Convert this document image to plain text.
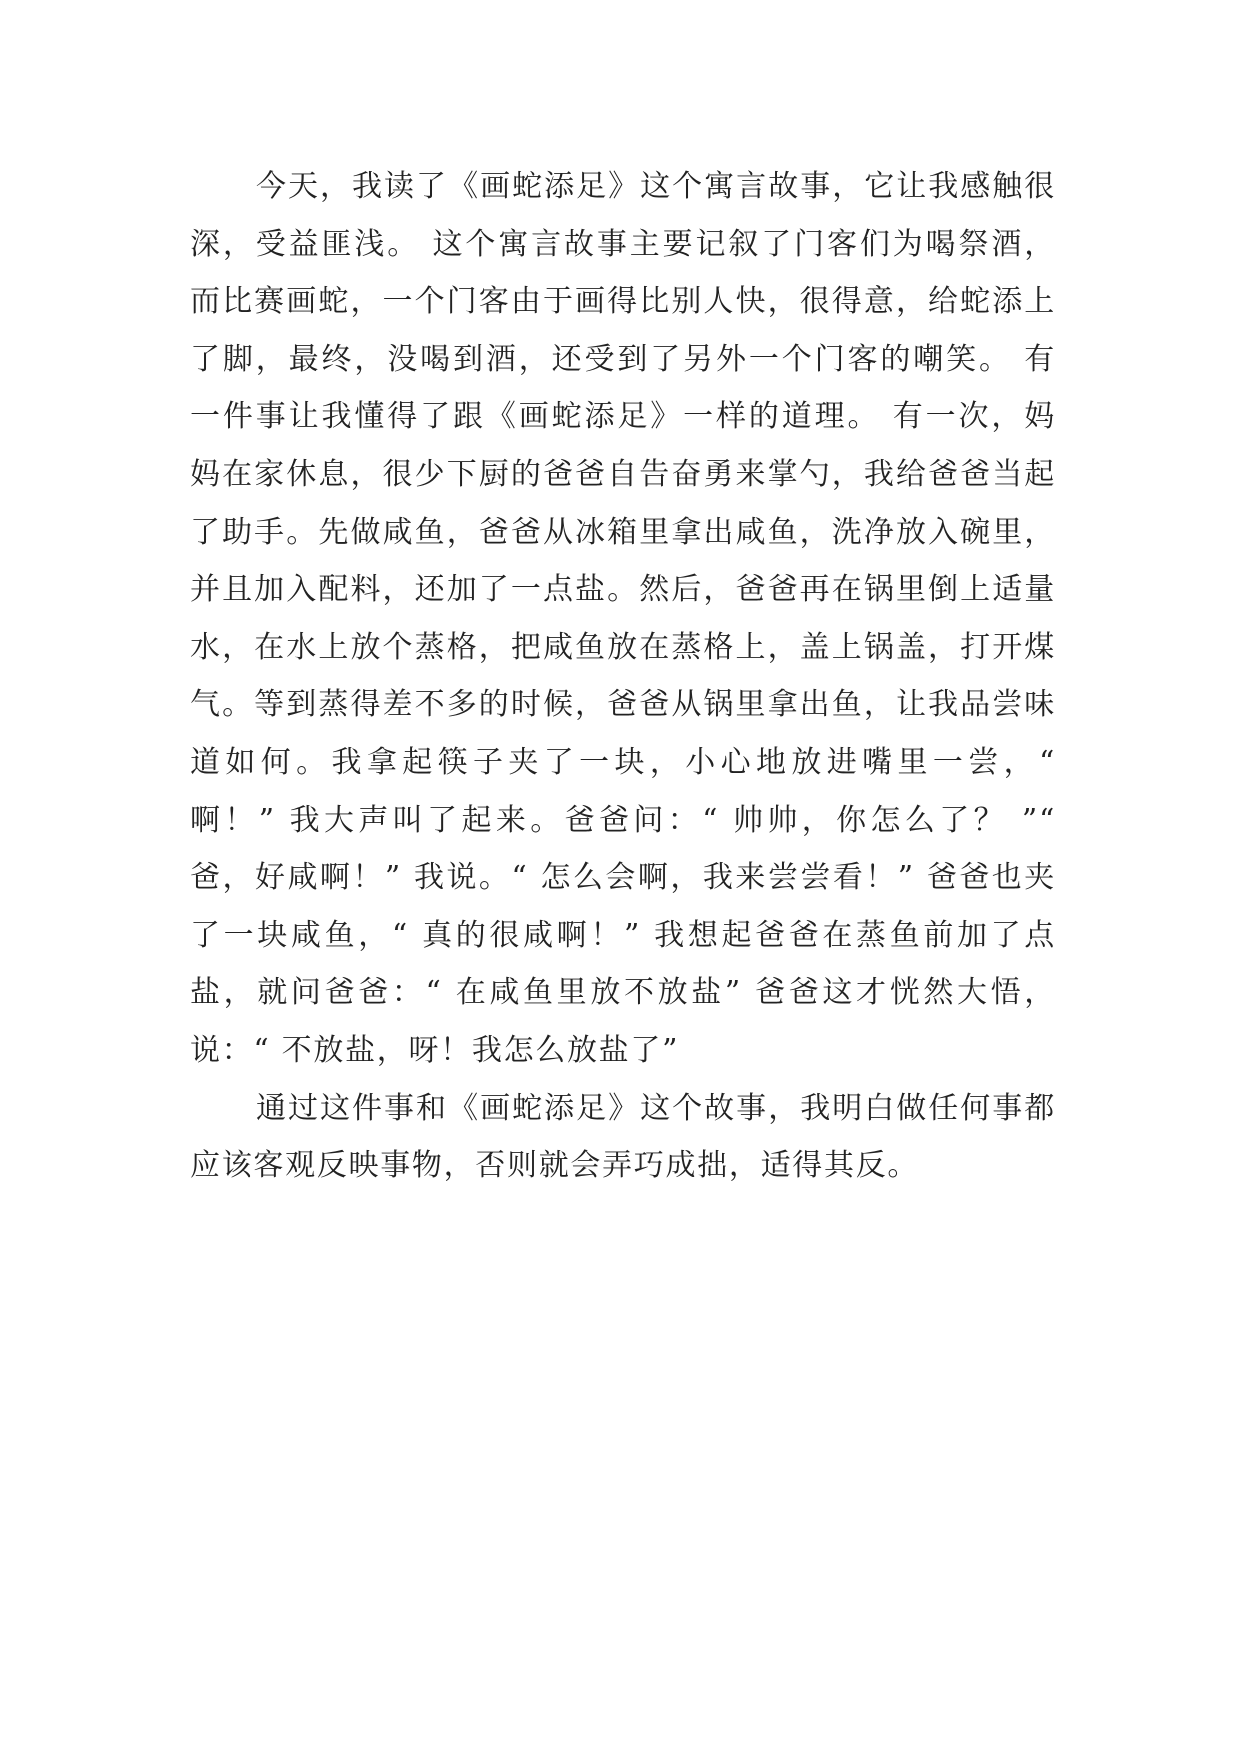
今天，我读了《画蛇添足》这个寓言故事，它让我感触很深，受益匪浅。 这个寓言故事主要记叙了门客们为喝祭酒，而比赛画蛇，一个门客由于画得比别人快，很得意，给蛇添上了脚，最终，没喝到酒，还受到了另外一个门客的嘲笑。 有一件事让我懂得了跟《画蛇添足》一样的道理。 有一次，妈妈在家休息，很少下厨的爸爸自告奋勇来掌勺，我给爸爸当起了助手。先做咸鱼，爸爸从冰箱里拿出咸鱼，洗净放入碗里，并且加入配料，还加了一点盐。然后，爸爸再在锅里倒上适量水，在水上放个蒸格，把咸鱼放在蒸格上，盖上锅盖，打开煤气。等到蒸得差不多的时候，爸爸从锅里拿出鱼，让我品尝味道如何。我拿起筷子夹了一块，小心地放进嘴里一尝，“ 啊！” 我大声叫了起来。爸爸问：“ 帅帅，你怎么了？ ”“ 爸，好咸啊！” 我说。“ 怎么会啊，我来尝尝看！” 爸爸也夹了一块咸鱼，“ 真的很咸啊！” 我想起爸爸在蒸鱼前加了点盐，就问爸爸：“ 在咸鱼里放不放盐” 爸爸这才恍然大悟，说：“ 不放盐，呀！我怎么放盐了”

通过这件事和《画蛇添足》这个故事，我明白做任何事都应该客观反映事物，否则就会弄巧成拙，适得其反。
